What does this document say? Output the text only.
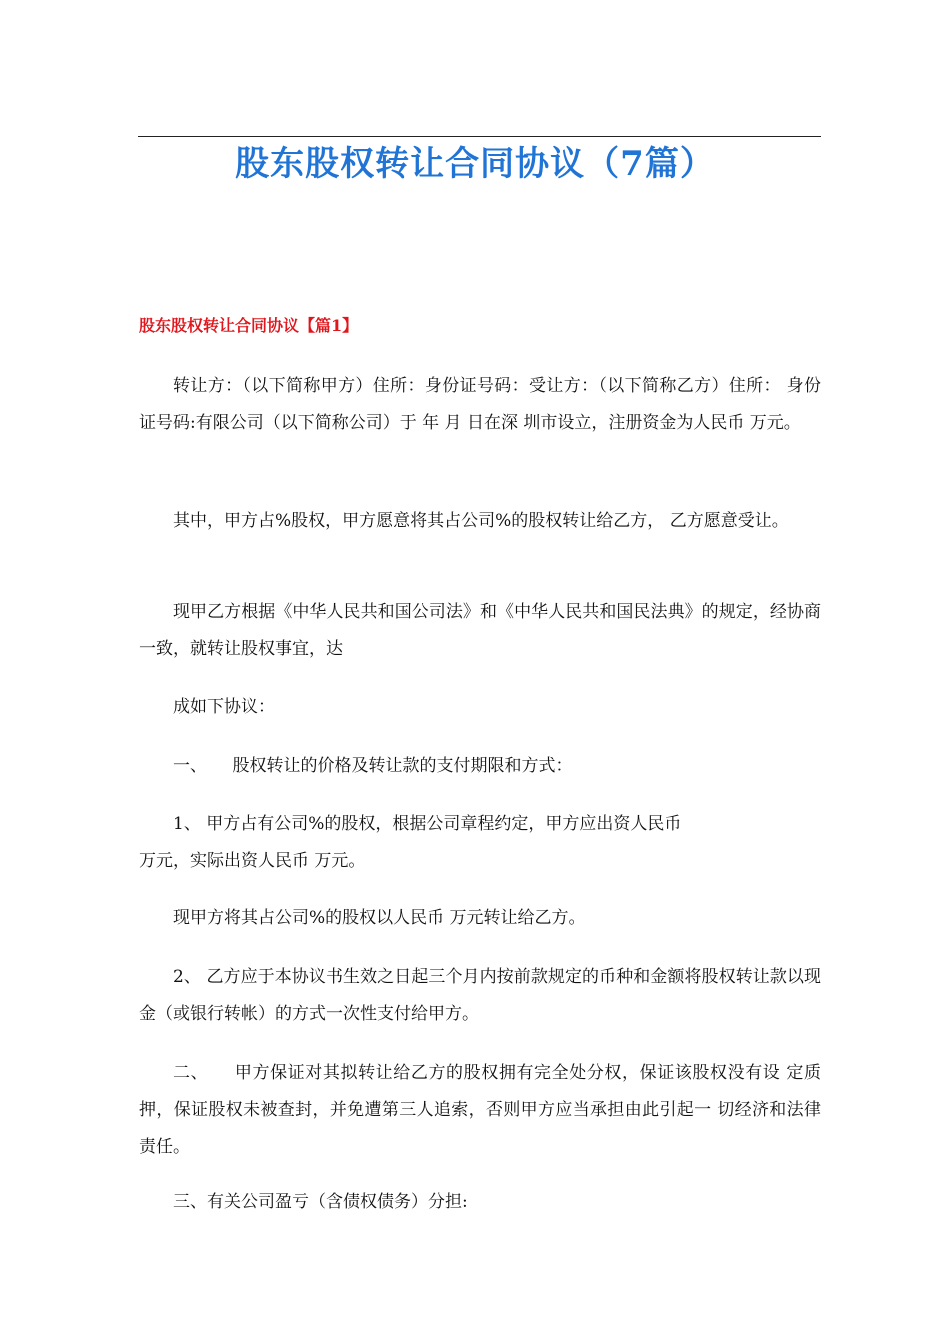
股东股权转让合同协议（7篇）
股东股权转让合同协议【篇1】

转让方：（以下简称甲方）住所：身份证号码：受让方：（以下简称乙方）住所： 身份证号码:有限公司（以下简称公司）于 年 月 日在深 圳市设立，注册资金为人民币 万元。

其中，甲方占%股权，甲方愿意将其占公司%的股权转让给乙方， 乙方愿意受让。

现甲乙方根据《中华人民共和国公司法》和《中华人民共和国民法典》的规定，经协商一致，就转让股权事宜，达

成如下协议：

一、　　股权转让的价格及转让款的支付期限和方式：

1、 甲方占有公司%的股权，根据公司章程约定，甲方应出资人民币

万元，实际出资人民币 万元。

现甲方将其占公司%的股权以人民币 万元转让给乙方。

2、 乙方应于本协议书生效之日起三个月内按前款规定的币种和金额将股权转让款以现金（或银行转帐）的方式一次性支付给甲方。

二、　　甲方保证对其拟转让给乙方的股权拥有完全处分权，保证该股权没有设 定质押，保证股权未被查封，并免遭第三人追索，否则甲方应当承担由此引起一 切经济和法律责任。

三、有关公司盈亏（含债权债务）分担:
